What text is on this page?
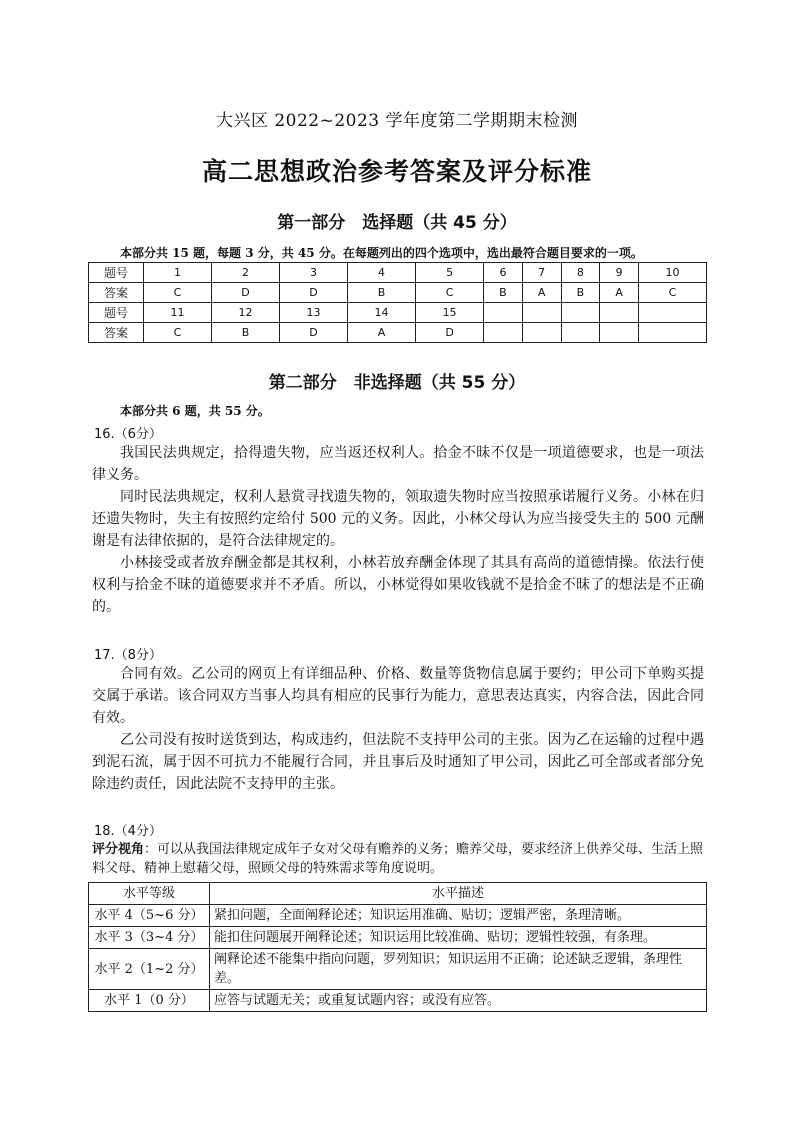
大兴区 2022~2023 学年度第二学期期末检测
高二思想政治参考答案及评分标准
第一部分　选择题（共 45 分）
本部分共 15 题，每题 3 分，共 45 分。在每题列出的四个选项中，选出最符合题目要求的一项。
题号	1	2	3	4	5	6	7	8	9	10
答案	C	D	D	B	C	B	A	B	A	C
题号	11	12	13	14	15					
答案	C	B	D	A	D					
第二部分　非选择题（共 55 分）
本部分共 6 题，共 55 分。
16.（6分）
我国民法典规定，拾得遗失物，应当返还权利人。拾金不昧不仅是一项道德要求，也是一项法律义务。
同时民法典规定，权利人悬赏寻找遗失物的，领取遗失物时应当按照承诺履行义务。小林在归还遗失物时，失主有按照约定给付 500 元的义务。因此，小林父母认为应当接受失主的 500 元酬谢是有法律依据的，是符合法律规定的。
小林接受或者放弃酬金都是其权利，小林若放弃酬金体现了其具有高尚的道德情操。依法行使权利与拾金不昧的道德要求并不矛盾。所以，小林觉得如果收钱就不是拾金不昧了的想法是不正确的。
17.（8分）
合同有效。乙公司的网页上有详细品种、价格、数量等货物信息属于要约；甲公司下单购买提交属于承诺。该合同双方当事人均具有相应的民事行为能力，意思表达真实，内容合法，因此合同有效。
乙公司没有按时送货到达，构成违约，但法院不支持甲公司的主张。因为乙在运输的过程中遇到泥石流，属于因不可抗力不能履行合同，并且事后及时通知了甲公司，因此乙可全部或者部分免除违约责任，因此法院不支持甲的主张。
18.（4分）
评分视角：可以从我国法律规定成年子女对父母有赡养的义务；赡养父母，要求经济上供养父母、生活上照料父母、精神上慰藉父母，照顾父母的特殊需求等角度说明。
水平等级	水平描述
水平 4（5~6 分）	紧扣问题，全面阐释论述；知识运用准确、贴切；逻辑严密，条理清晰。
水平 3（3~4 分）	能扣住问题展开阐释论述；知识运用比较准确、贴切；逻辑性较强，有条理。
水平 2（1~2 分）	阐释论述不能集中指向问题，罗列知识；知识运用不正确；论述缺乏逻辑，条理性差。
水平 1（0 分）	应答与试题无关；或重复试题内容；或没有应答。
